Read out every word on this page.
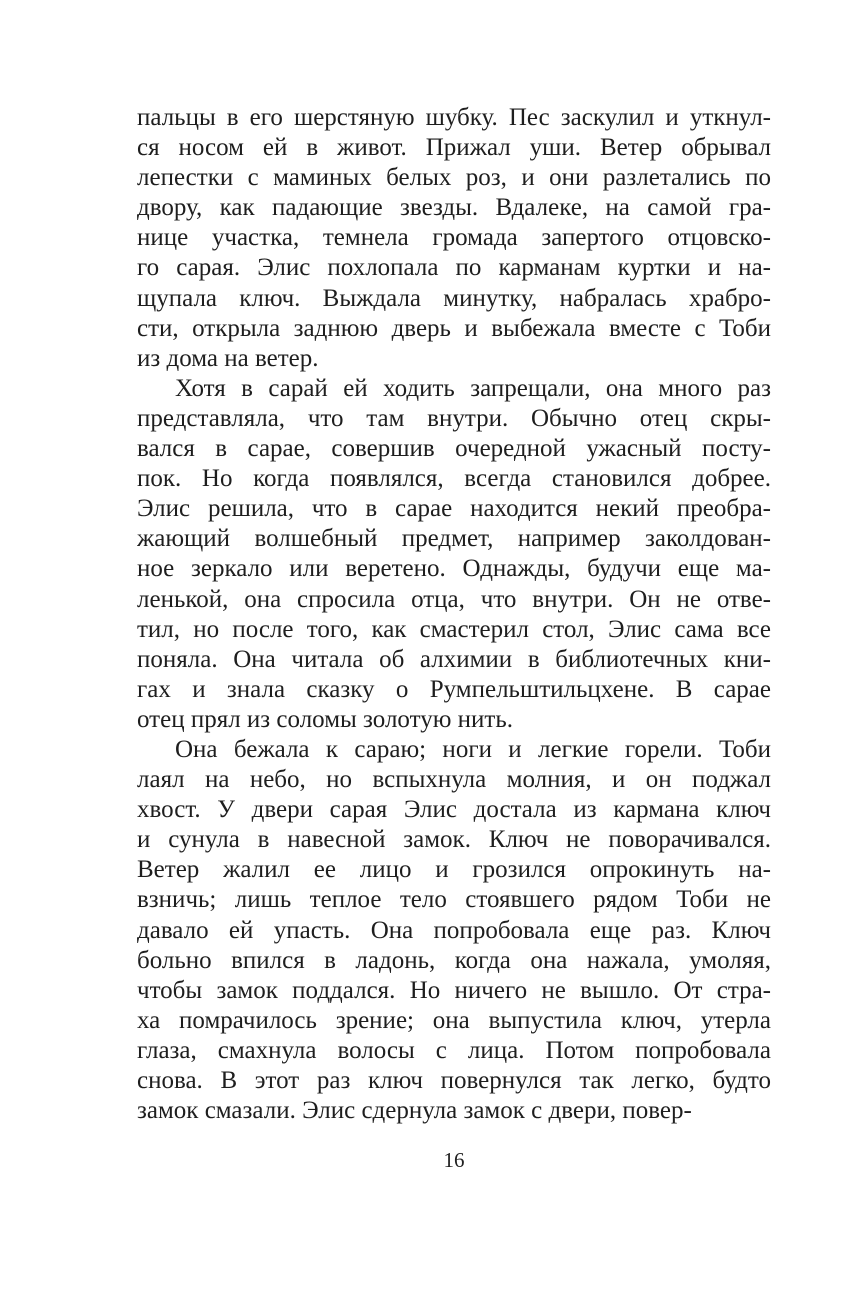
пальцы в его шерстяную шубку. Пес заскулил и уткнул-
ся носом ей в живот. Прижал уши. Ветер обрывал
лепестки с маминых белых роз, и они разлетались по
двору, как падающие звезды. Вдалеке, на самой гра-
нице участка, темнела громада запертого отцовско-
го сарая. Элис похлопала по карманам куртки и на-
щупала ключ. Выждала минутку, набралась храбро-
сти, открыла заднюю дверь и выбежала вместе с Тоби
из дома на ветер.
Хотя в сарай ей ходить запрещали, она много раз
представляла, что там внутри. Обычно отец скры-
вался в сарае, совершив очередной ужасный посту-
пок. Но когда появлялся, всегда становился добрее.
Элис решила, что в сарае находится некий преобра-
жающий волшебный предмет, например заколдован-
ное зеркало или веретено. Однажды, будучи еще ма-
ленькой, она спросила отца, что внутри. Он не отве-
тил, но после того, как смастерил стол, Элис сама все
поняла. Она читала об алхимии в библиотечных кни-
гах и знала сказку о Румпельштильцхене. В сарае
отец прял из соломы золотую нить.
Она бежала к сараю; ноги и легкие горели. Тоби
лаял на небо, но вспыхнула молния, и он поджал
хвост. У двери сарая Элис достала из кармана ключ
и сунула в навесной замок. Ключ не поворачивался.
Ветер жалил ее лицо и грозился опрокинуть на-
взничь; лишь теплое тело стоявшего рядом Тоби не
давало ей упасть. Она попробовала еще раз. Ключ
больно впился в ладонь, когда она нажала, умоляя,
чтобы замок поддался. Но ничего не вышло. От стра-
ха помрачилось зрение; она выпустила ключ, утерла
глаза, смахнула волосы с лица. Потом попробовала
снова. В этот раз ключ повернулся так легко, будто
замок смазали. Элис сдернула замок с двери, повер-
16
